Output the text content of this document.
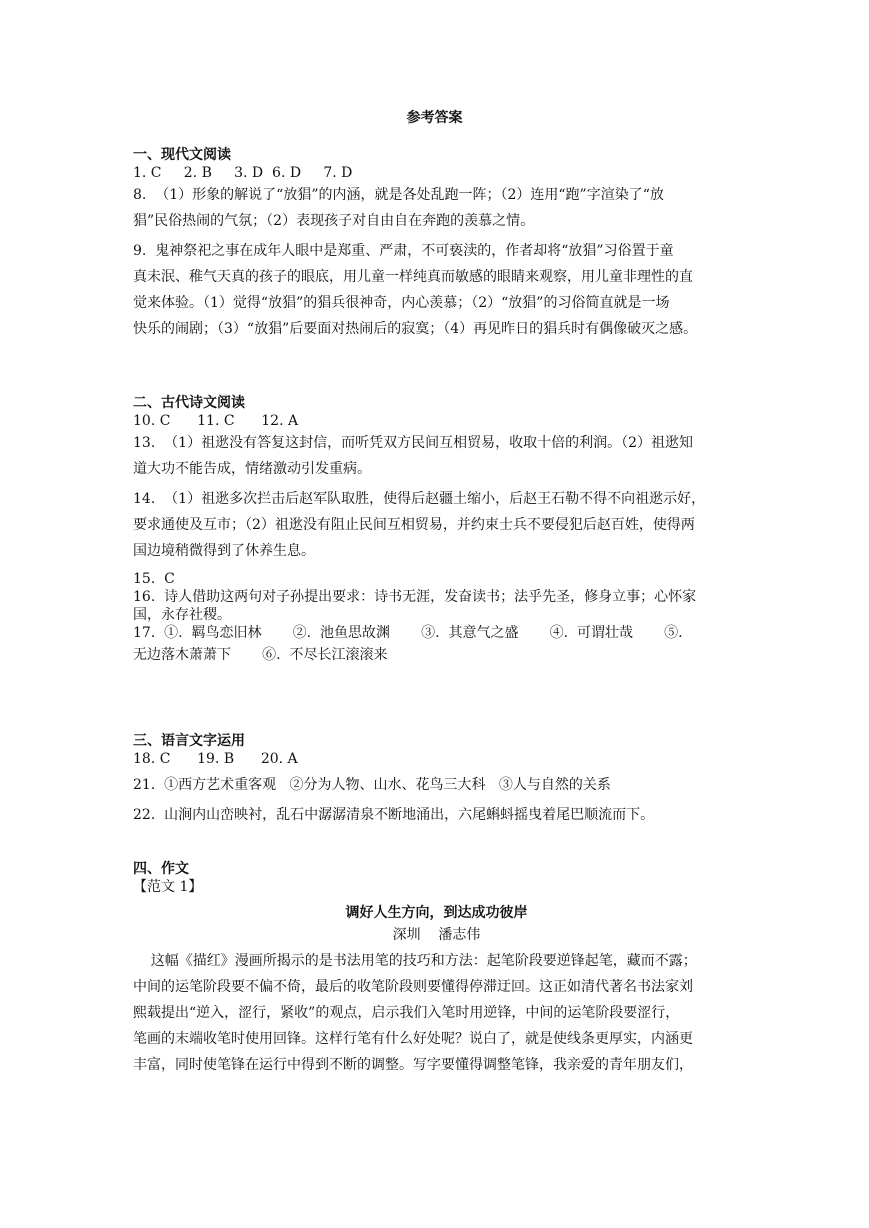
参考答案
一、现代文阅读
1. C     2. B     3. D  6. D     7. D
8.  （1）形象的解说了“放猖”的内涵，就是各处乱跑一阵；（2）连用“跑”字渲染了“放
猖”民俗热闹的气氛；（2）表现孩子对自由自在奔跑的羡慕之情。
9.  鬼神祭祀之事在成年人眼中是郑重、严肃，不可亵渎的，作者却将“放猖”习俗置于童
真未泯、稚气天真的孩子的眼底，用儿童一样纯真而敏感的眼睛来观察，用儿童非理性的直
觉来体验。（1）觉得“放猖”的猖兵很神奇，内心羡慕；（2）“放猖”的习俗简直就是一场
快乐的闹剧；（3）“放猖”后要面对热闹后的寂寞；（4）再见昨日的猖兵时有偶像破灭之感。
二、古代诗文阅读
10. C      11. C      12. A
13.  （1）祖逖没有答复这封信，而听凭双方民间互相贸易，收取十倍的利润。（2）祖逖知
道大功不能告成，情绪激动引发重病。
14.  （1）祖逖多次拦击后赵军队取胜，使得后赵疆土缩小，后赵王石勒不得不向祖逖示好，
要求通使及互市；（2）祖逖没有阻止民间互相贸易，并约束士兵不要侵犯后赵百姓，使得两
国边境稍微得到了休养生息。
15.  C
16.  诗人借助这两句对子孙提出要求：诗书无涯，发奋读书；法乎先圣，修身立事；心怀家
国，永存社稷。
17.  ①.  羁鸟恋旧林       ②.  池鱼思故渊       ③.  其意气之盛       ④.  可谓壮哉       ⑤.
无边落木萧萧下       ⑥.  不尽长江滚滚来
三、语言文字运用
18. C      19. B      20. A
21.  ①西方艺术重客观   ②分为人物、山水、花鸟三大科   ③人与自然的关系
22.  山涧内山峦映衬，乱石中潺潺清泉不断地涌出，六尾蝌蚪摇曳着尾巴顺流而下。
四、作文
【范文 1】
调好人生方向，到达成功彼岸
深圳    潘志伟
这幅《描红》漫画所揭示的是书法用笔的技巧和方法：起笔阶段要逆锋起笔，藏而不露；
中间的运笔阶段要不偏不倚，最后的收笔阶段则要懂得停滞迂回。这正如清代著名书法家刘
熙载提出“逆入，涩行，紧收”的观点，启示我们入笔时用逆锋，中间的运笔阶段要涩行，
笔画的末端收笔时使用回锋。这样行笔有什么好处呢？说白了，就是使线条更厚实，内涵更
丰富，同时使笔锋在运行中得到不断的调整。写字要懂得调整笔锋，我亲爱的青年朋友们，
